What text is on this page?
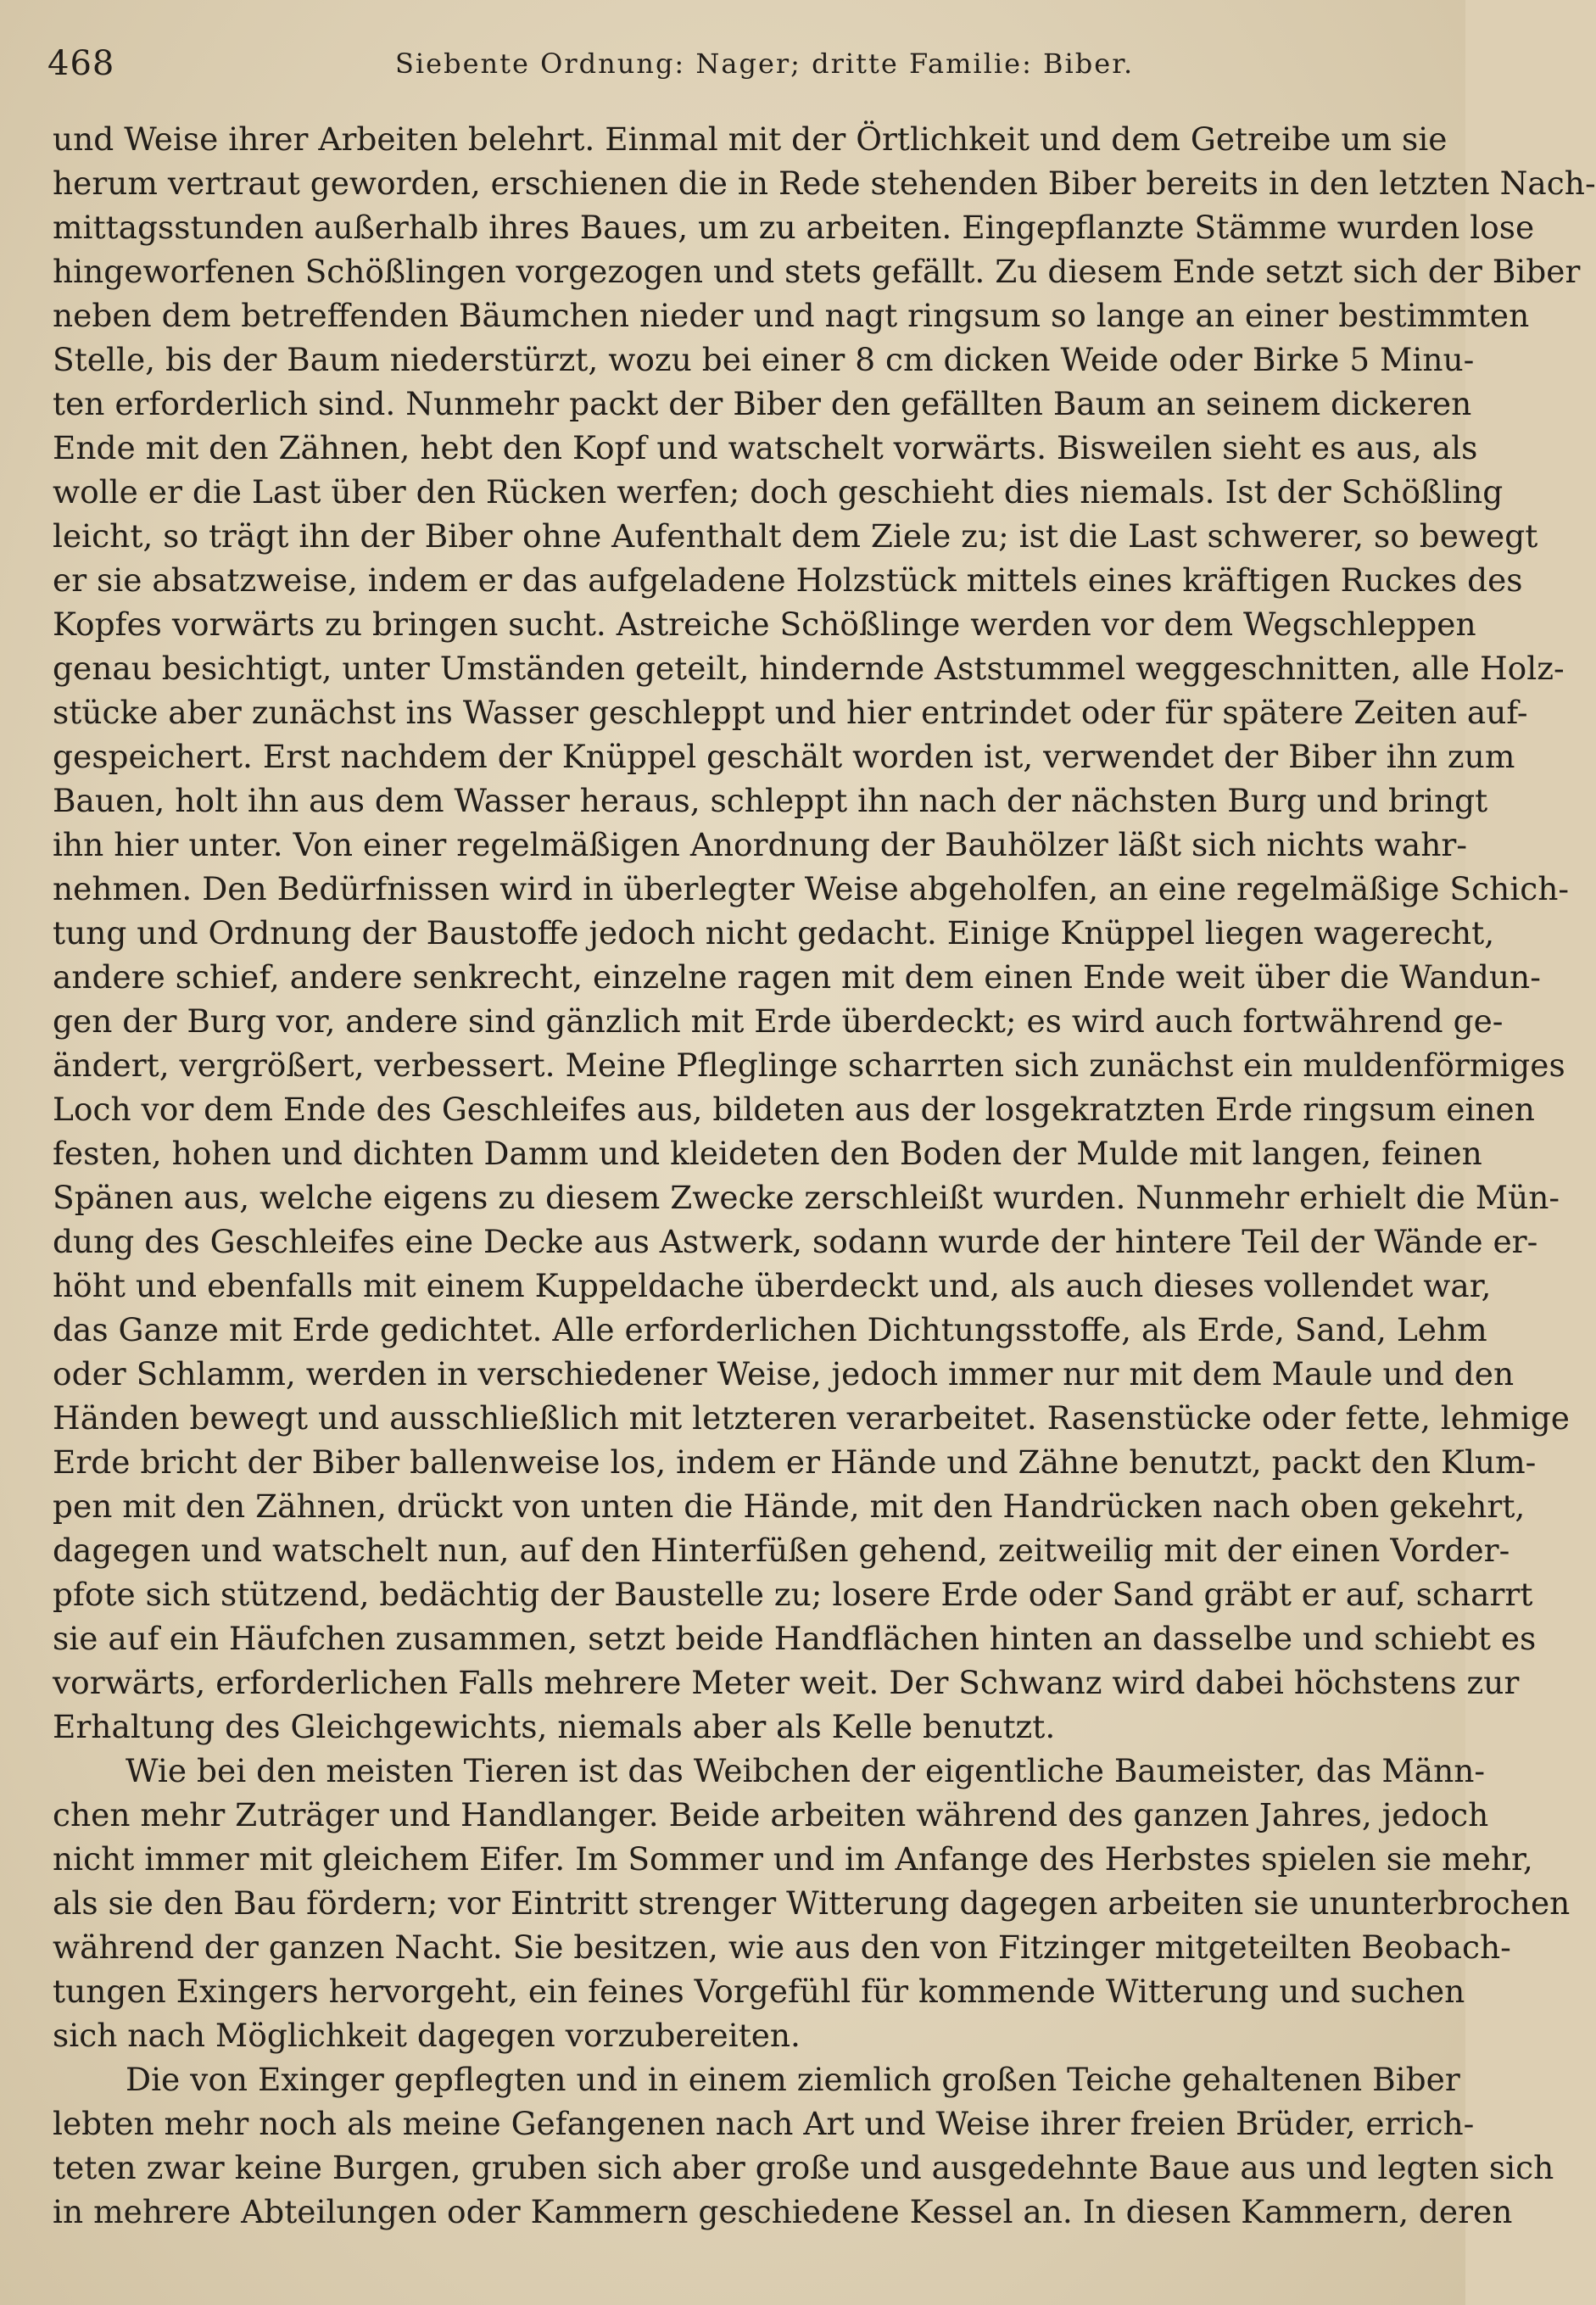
468	Siebente Ordnung: Nager; dritte Familie: Biber.
und Weise ihrer Arbeiten belehrt. Einmal mit der Örtlichkeit und dem Getreibe um sie
herum vertraut geworden, erschienen die in Rede stehenden Biber bereits in den letzten Nach-
mittagsstunden außerhalb ihres Baues, um zu arbeiten. Eingepflanzte Stämme wurden lose
hingeworfenen Schößlingen vorgezogen und stets gefällt. Zu diesem Ende setzt sich der Biber
neben dem betreffenden Bäumchen nieder und nagt ringsum so lange an einer bestimmten
Stelle, bis der Baum niederstürzt, wozu bei einer 8 cm dicken Weide oder Birke 5 Minu-
ten erforderlich sind. Nunmehr packt der Biber den gefällten Baum an seinem dickeren
Ende mit den Zähnen, hebt den Kopf und watschelt vorwärts. Bisweilen sieht es aus, als
wolle er die Last über den Rücken werfen; doch geschieht dies niemals. Ist der Schößling
leicht, so trägt ihn der Biber ohne Aufenthalt dem Ziele zu; ist die Last schwerer, so bewegt
er sie absatzweise, indem er das aufgeladene Holzstück mittels eines kräftigen Ruckes des
Kopfes vorwärts zu bringen sucht. Astreiche Schößlinge werden vor dem Wegschleppen
genau besichtigt, unter Umständen geteilt, hindernde Aststummel weggeschnitten, alle Holz-
stücke aber zunächst ins Wasser geschleppt und hier entrindet oder für spätere Zeiten auf-
gespeichert. Erst nachdem der Knüppel geschält worden ist, verwendet der Biber ihn zum
Bauen, holt ihn aus dem Wasser heraus, schleppt ihn nach der nächsten Burg und bringt
ihn hier unter. Von einer regelmäßigen Anordnung der Bauhölzer läßt sich nichts wahr-
nehmen. Den Bedürfnissen wird in überlegter Weise abgeholfen, an eine regelmäßige Schich-
tung und Ordnung der Baustoffe jedoch nicht gedacht. Einige Knüppel liegen wagerecht,
andere schief, andere senkrecht, einzelne ragen mit dem einen Ende weit über die Wandun-
gen der Burg vor, andere sind gänzlich mit Erde überdeckt; es wird auch fortwährend ge-
ändert, vergrößert, verbessert. Meine Pfleglinge scharrten sich zunächst ein muldenförmiges
Loch vor dem Ende des Geschleifes aus, bildeten aus der losgekratzten Erde ringsum einen
festen, hohen und dichten Damm und kleideten den Boden der Mulde mit langen, feinen
Spänen aus, welche eigens zu diesem Zwecke zerschleißt wurden. Nunmehr erhielt die Mün-
dung des Geschleifes eine Decke aus Astwerk, sodann wurde der hintere Teil der Wände er-
höht und ebenfalls mit einem Kuppeldache überdeckt und, als auch dieses vollendet war,
das Ganze mit Erde gedichtet. Alle erforderlichen Dichtungsstoffe, als Erde, Sand, Lehm
oder Schlamm, werden in verschiedener Weise, jedoch immer nur mit dem Maule und den
Händen bewegt und ausschließlich mit letzteren verarbeitet. Rasenstücke oder fette, lehmige
Erde bricht der Biber ballenweise los, indem er Hände und Zähne benutzt, packt den Klum-
pen mit den Zähnen, drückt von unten die Hände, mit den Handrücken nach oben gekehrt,
dagegen und watschelt nun, auf den Hinterfüßen gehend, zeitweilig mit der einen Vorder-
pfote sich stützend, bedächtig der Baustelle zu; losere Erde oder Sand gräbt er auf, scharrt
sie auf ein Häufchen zusammen, setzt beide Handflächen hinten an dasselbe und schiebt es
vorwärts, erforderlichen Falls mehrere Meter weit. Der Schwanz wird dabei höchstens zur
Erhaltung des Gleichgewichts, niemals aber als Kelle benutzt.
Wie bei den meisten Tieren ist das Weibchen der eigentliche Baumeister, das Männ-
chen mehr Zuträger und Handlanger. Beide arbeiten während des ganzen Jahres, jedoch
nicht immer mit gleichem Eifer. Im Sommer und im Anfange des Herbstes spielen sie mehr,
als sie den Bau fördern; vor Eintritt strenger Witterung dagegen arbeiten sie ununterbrochen
während der ganzen Nacht. Sie besitzen, wie aus den von Fitzinger mitgeteilten Beobach-
tungen Exingers hervorgeht, ein feines Vorgefühl für kommende Witterung und suchen
sich nach Möglichkeit dagegen vorzubereiten.
Die von Exinger gepflegten und in einem ziemlich großen Teiche gehaltenen Biber
lebten mehr noch als meine Gefangenen nach Art und Weise ihrer freien Brüder, errich-
teten zwar keine Burgen, gruben sich aber große und ausgedehnte Baue aus und legten sich
in mehrere Abteilungen oder Kammern geschiedene Kessel an. In diesen Kammern, deren
